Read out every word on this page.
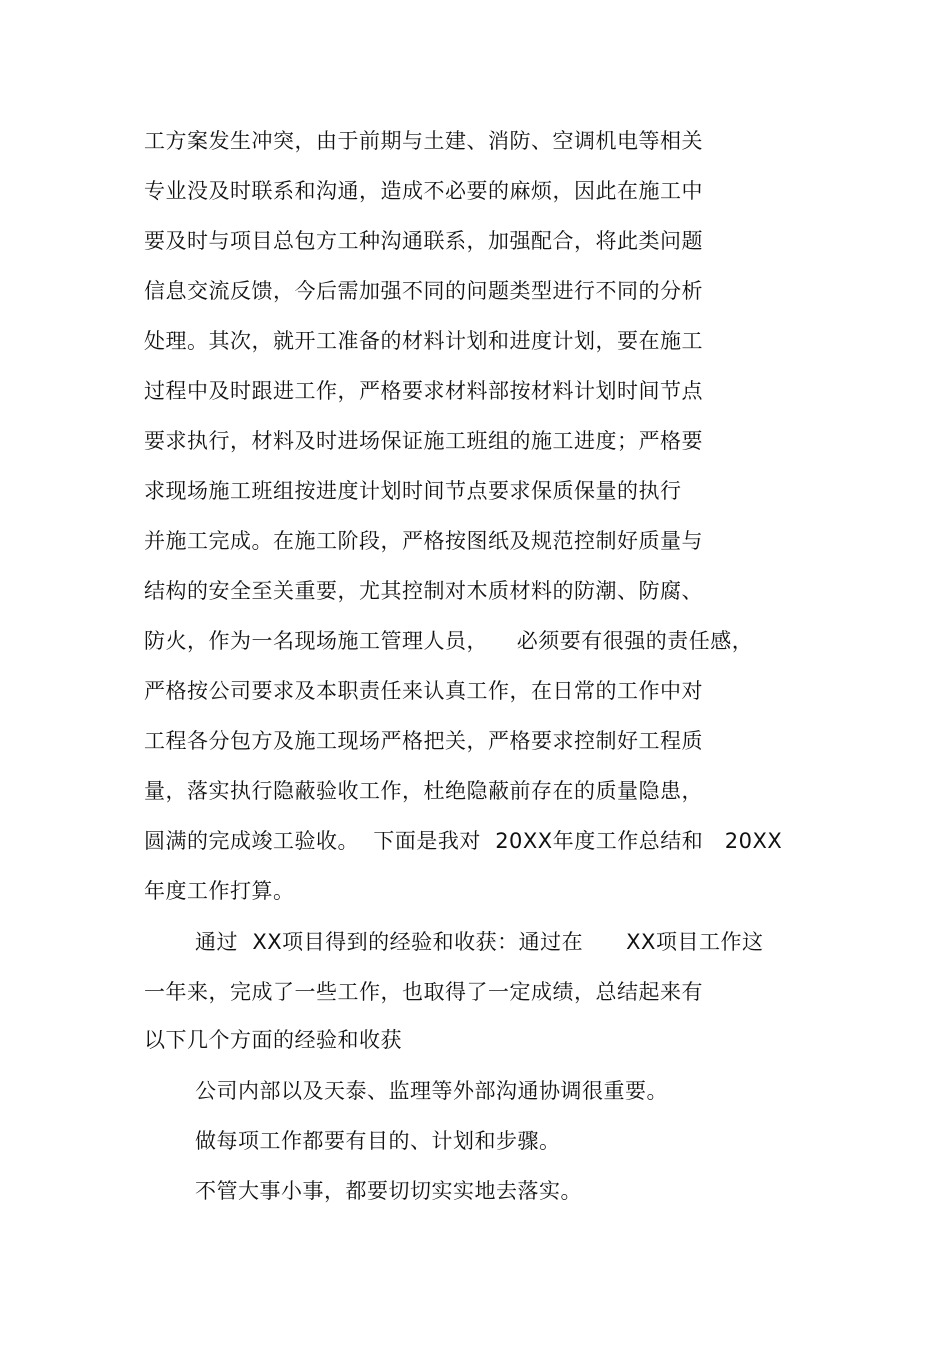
工方案发生冲突，由于前期与土建、消防、空调机电等相关
专业没及时联系和沟通，造成不必要的麻烦，因此在施工中
要及时与项目总包方工种沟通联系，加强配合，将此类问题
信息交流反馈，今后需加强不同的问题类型进行不同的分析
处理。其次，就开工准备的材料计划和进度计划，要在施工
过程中及时跟进工作，严格要求材料部按材料计划时间节点
要求执行，材料及时进场保证施工班组的施工进度；严格要
求现场施工班组按进度计划时间节点要求保质保量的执行
并施工完成。在施工阶段，严格按图纸及规范控制好质量与
结构的安全至关重要，尤其控制对木质材料的防潮、防腐、
防火，作为一名现场施工管理人员，    必须要有很强的责任感，
严格按公司要求及本职责任来认真工作，在日常的工作中对
工程各分包方及施工现场严格把关，严格要求控制好工程质
量，落实执行隐蔽验收工作，杜绝隐蔽前存在的质量隐患，
圆满的完成竣工验收。  下面是我对  20XX年度工作总结和   20XX
年度工作打算。
通过  XX项目得到的经验和收获：通过在      XX项目工作这
一年来，完成了一些工作，也取得了一定成绩，总结起来有
以下几个方面的经验和收获
公司内部以及天泰、监理等外部沟通协调很重要。
做每项工作都要有目的、计划和步骤。
不管大事小事，都要切切实实地去落实。
